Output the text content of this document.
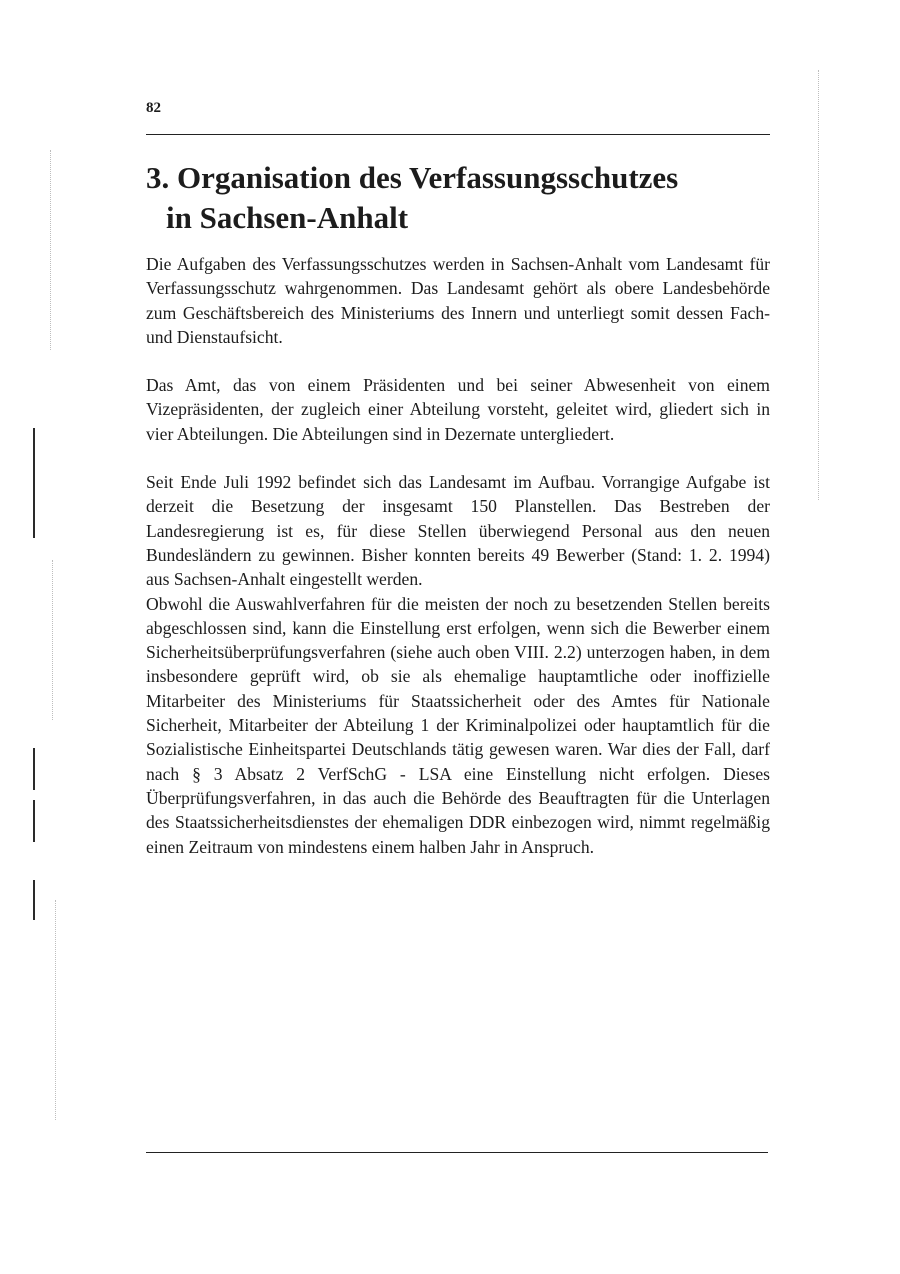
82
3. Organisation des Verfassungsschutzes
in Sachsen-Anhalt

Die Aufgaben des Verfassungsschutzes werden in Sachsen-Anhalt vom Landesamt für Verfassungsschutz wahrgenommen. Das Landesamt gehört als obere Landesbehörde zum Geschäftsbereich des Ministeriums des Innern und unterliegt somit dessen Fach- und Dienstaufsicht.

Das Amt, das von einem Präsidenten und bei seiner Abwesenheit von einem Vizepräsidenten, der zugleich einer Abteilung vorsteht, geleitet wird, gliedert sich in vier Abteilungen. Die Abteilungen sind in Dezernate untergliedert.

Seit Ende Juli 1992 befindet sich das Landesamt im Aufbau. Vorrangige Aufgabe ist derzeit die Besetzung der insgesamt 150 Planstellen. Das Bestreben der Landesregierung ist es, für diese Stellen überwiegend Personal aus den neuen Bundesländern zu gewinnen. Bisher konnten bereits 49 Bewerber (Stand: 1. 2. 1994) aus Sachsen-Anhalt eingestellt werden.

Obwohl die Auswahlverfahren für die meisten der noch zu besetzenden Stellen bereits abgeschlossen sind, kann die Einstellung erst erfolgen, wenn sich die Bewerber einem Sicherheitsüberprüfungsverfahren (siehe auch oben VIII. 2.2) unterzogen haben, in dem insbesondere geprüft wird, ob sie als ehemalige hauptamtliche oder inoffizielle Mitarbeiter des Ministeriums für Staatssicherheit oder des Amtes für Nationale Sicherheit, Mitarbeiter der Abteilung 1 der Kriminalpolizei oder hauptamtlich für die Sozialistische Einheitspartei Deutschlands tätig gewesen waren. War dies der Fall, darf nach § 3 Absatz 2 VerfSchG - LSA eine Einstellung nicht erfolgen. Dieses Überprüfungsverfahren, in das auch die Behörde des Beauftragten für die Unterlagen des Staatssicherheitsdienstes der ehemaligen DDR einbezogen wird, nimmt regelmäßig einen Zeitraum von mindestens einem halben Jahr in Anspruch.
